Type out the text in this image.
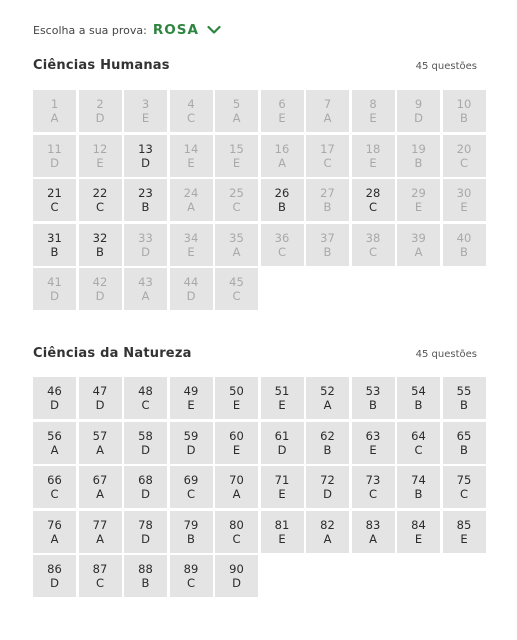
Escolha a sua prova: ROSA
Ciências Humanas	45 questões
1
A
2
D
3
E
4
C
5
A
6
E
7
A
8
E
9
D
10
B
11
D
12
E
13
D
14
E
15
E
16
A
17
C
18
E
19
B
20
C
21
C
22
C
23
B
24
A
25
C
26
B
27
B
28
C
29
E
30
E
31
B
32
B
33
D
34
E
35
A
36
C
37
B
38
C
39
A
40
B
41
D
42
D
43
A
44
D
45
C
Ciências da Natureza	45 questões
46
D
47
D
48
C
49
E
50
E
51
E
52
A
53
B
54
B
55
B
56
A
57
A
58
D
59
D
60
E
61
D
62
B
63
E
64
C
65
B
66
C
67
A
68
D
69
C
70
A
71
E
72
D
73
C
74
B
75
C
76
A
77
A
78
D
79
B
80
C
81
E
82
A
83
A
84
E
85
E
86
D
87
C
88
B
89
C
90
D
